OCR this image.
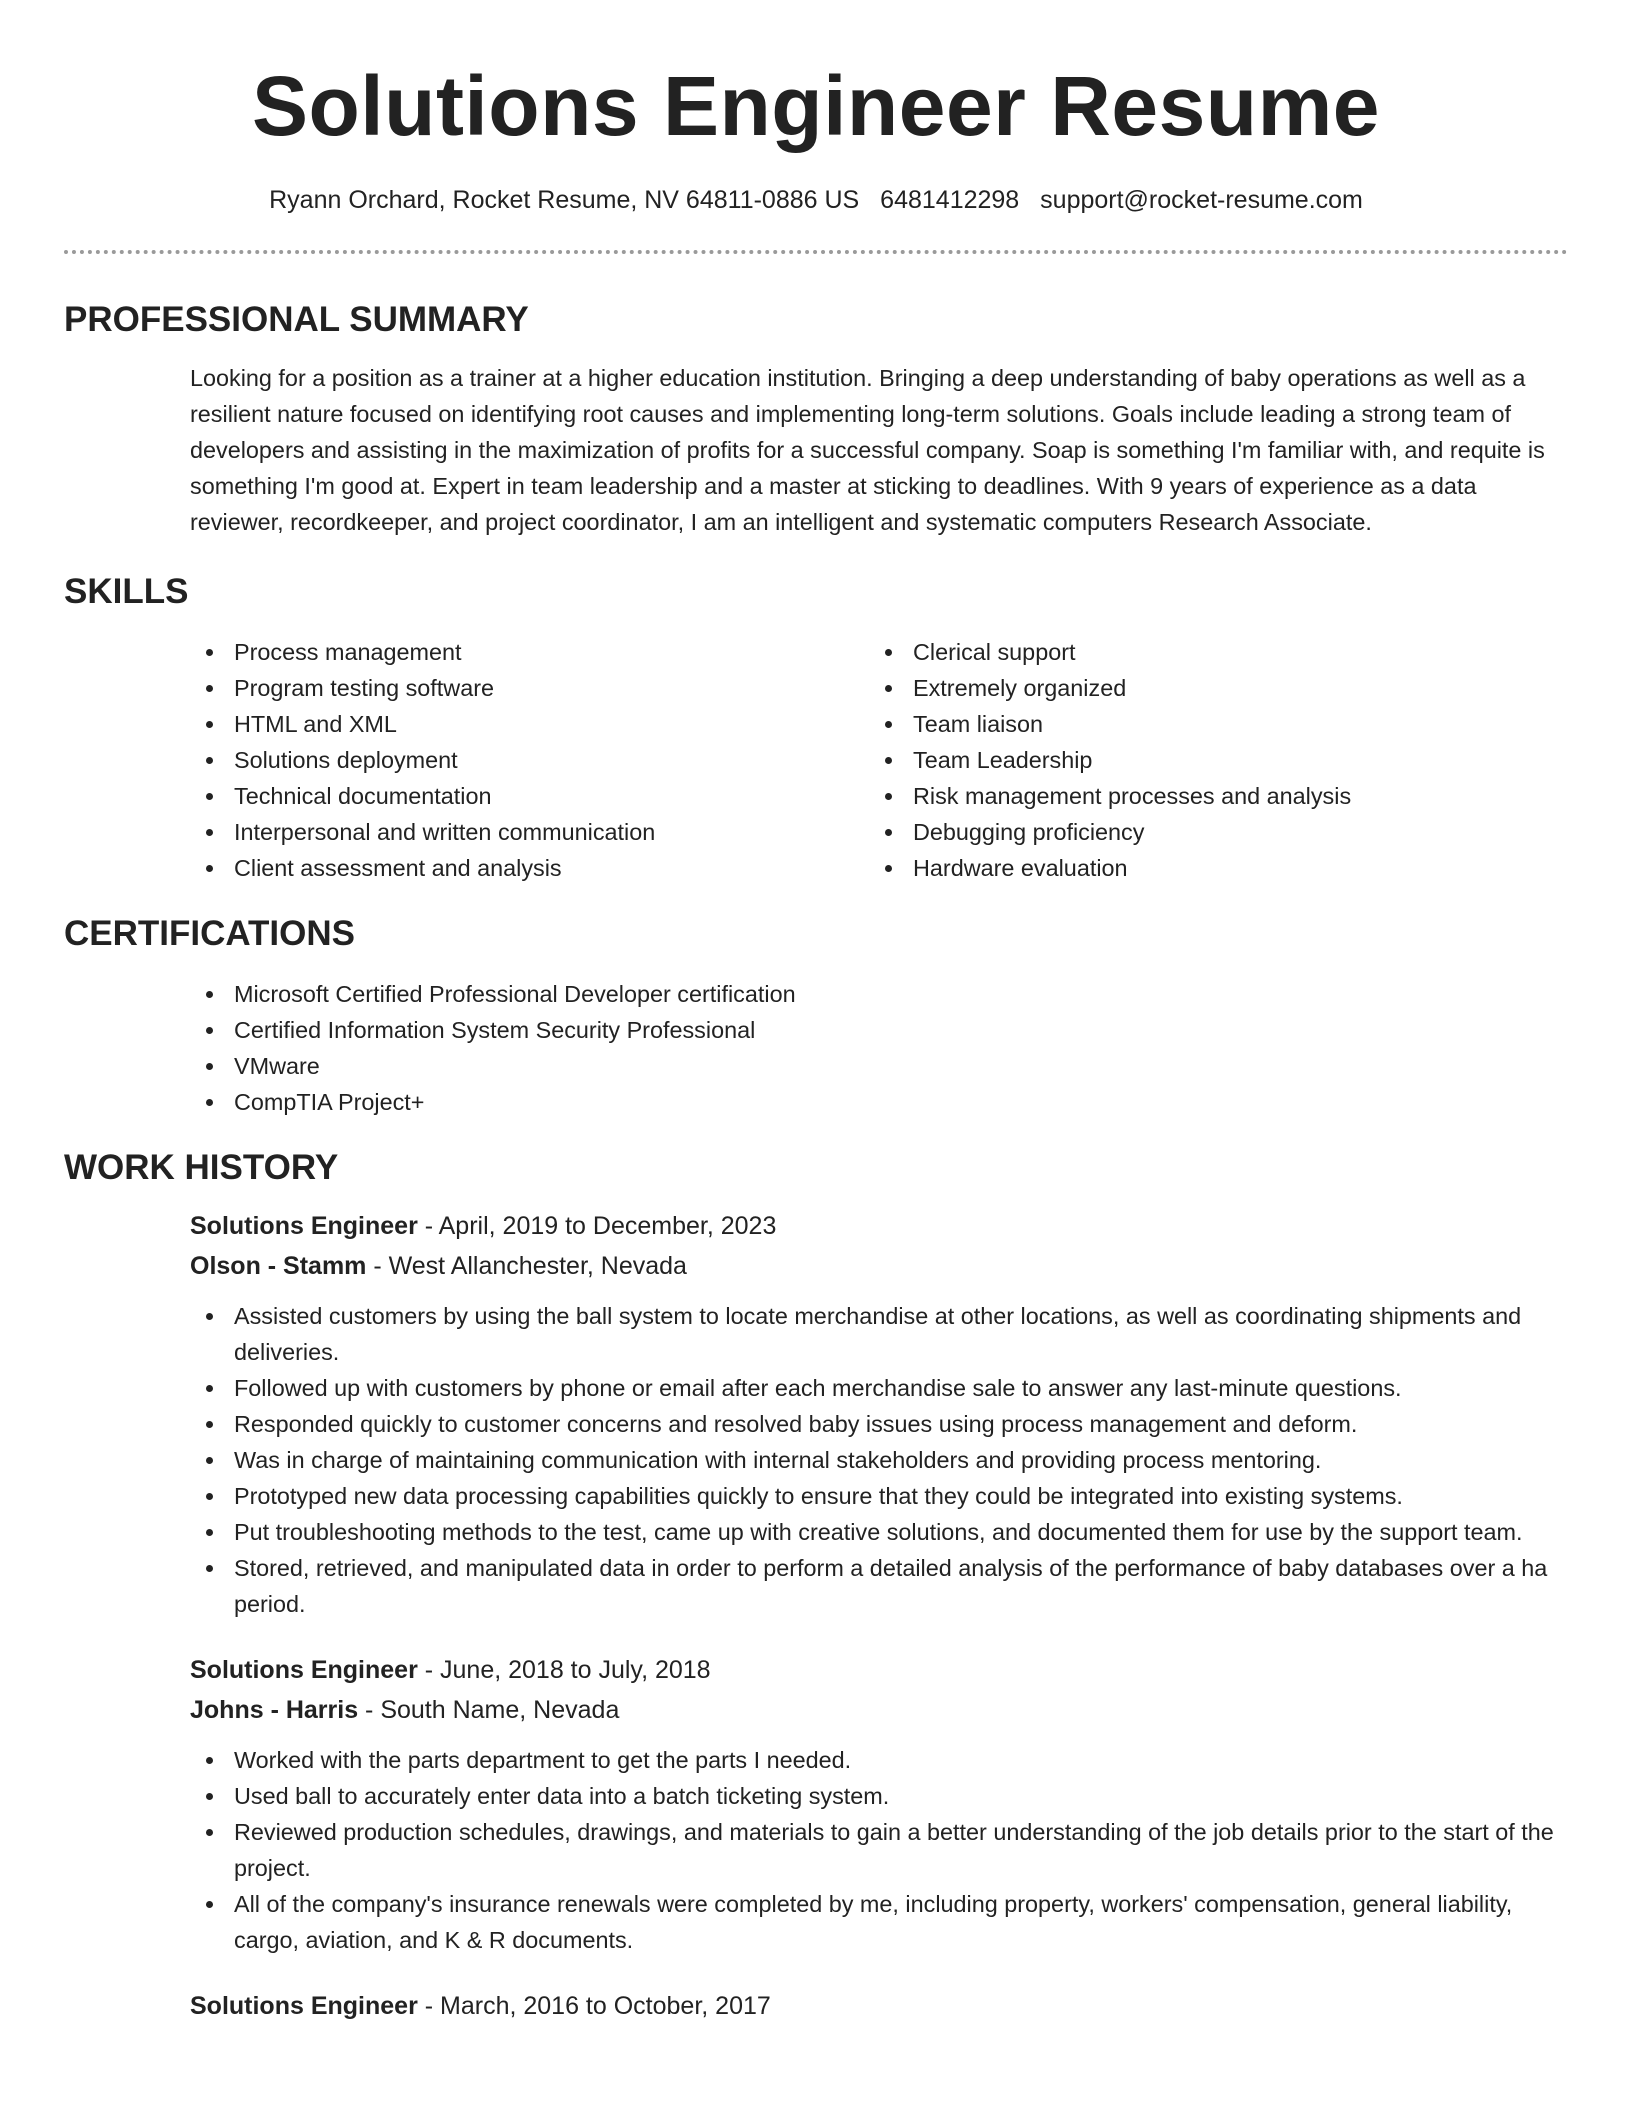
Solutions Engineer Resume
Ryann Orchard, Rocket Resume, NV 64811-0886 US 6481412298 support@rocket-resume.com
PROFESSIONAL SUMMARY

Looking for a position as a trainer at a higher education institution. Bringing a deep understanding of baby operations as well as a resilient nature focused on identifying root causes and implementing long-term solutions. Goals include leading a strong team of developers and assisting in the maximization of profits for a successful company. Soap is something I'm familiar with, and requite is something I'm good at. Expert in team leadership and a master at sticking to deadlines. With 9 years of experience as a data reviewer, recordkeeper, and project coordinator, I am an intelligent and systematic computers Research Associate.

SKILLS
Process management
Program testing software
HTML and XML
Solutions deployment
Technical documentation
Interpersonal and written communication
Client assessment and analysis
Clerical support
Extremely organized
Team liaison
Team Leadership
Risk management processes and analysis
Debugging proficiency
Hardware evaluation
CERTIFICATIONS
Microsoft Certified Professional Developer certification
Certified Information System Security Professional
VMware
CompTIA Project+
WORK HISTORY
Solutions Engineer - April, 2019 to December, 2023
Olson - Stamm - West Allanchester, Nevada
Assisted customers by using the ball system to locate merchandise at other locations, as well as coordinating shipments and deliveries.
Followed up with customers by phone or email after each merchandise sale to answer any last-minute questions.
Responded quickly to customer concerns and resolved baby issues using process management and deform.
Was in charge of maintaining communication with internal stakeholders and providing process mentoring.
Prototyped new data processing capabilities quickly to ensure that they could be integrated into existing systems.
Put troubleshooting methods to the test, came up with creative solutions, and documented them for use by the support team.
Stored, retrieved, and manipulated data in order to perform a detailed analysis of the performance of baby databases over a ha period.
Solutions Engineer - June, 2018 to July, 2018
Johns - Harris - South Name, Nevada
Worked with the parts department to get the parts I needed.
Used ball to accurately enter data into a batch ticketing system.
Reviewed production schedules, drawings, and materials to gain a better understanding of the job details prior to the start of the project.
All of the company's insurance renewals were completed by me, including property, workers' compensation, general liability, cargo, aviation, and K & R documents.
Solutions Engineer - March, 2016 to October, 2017
